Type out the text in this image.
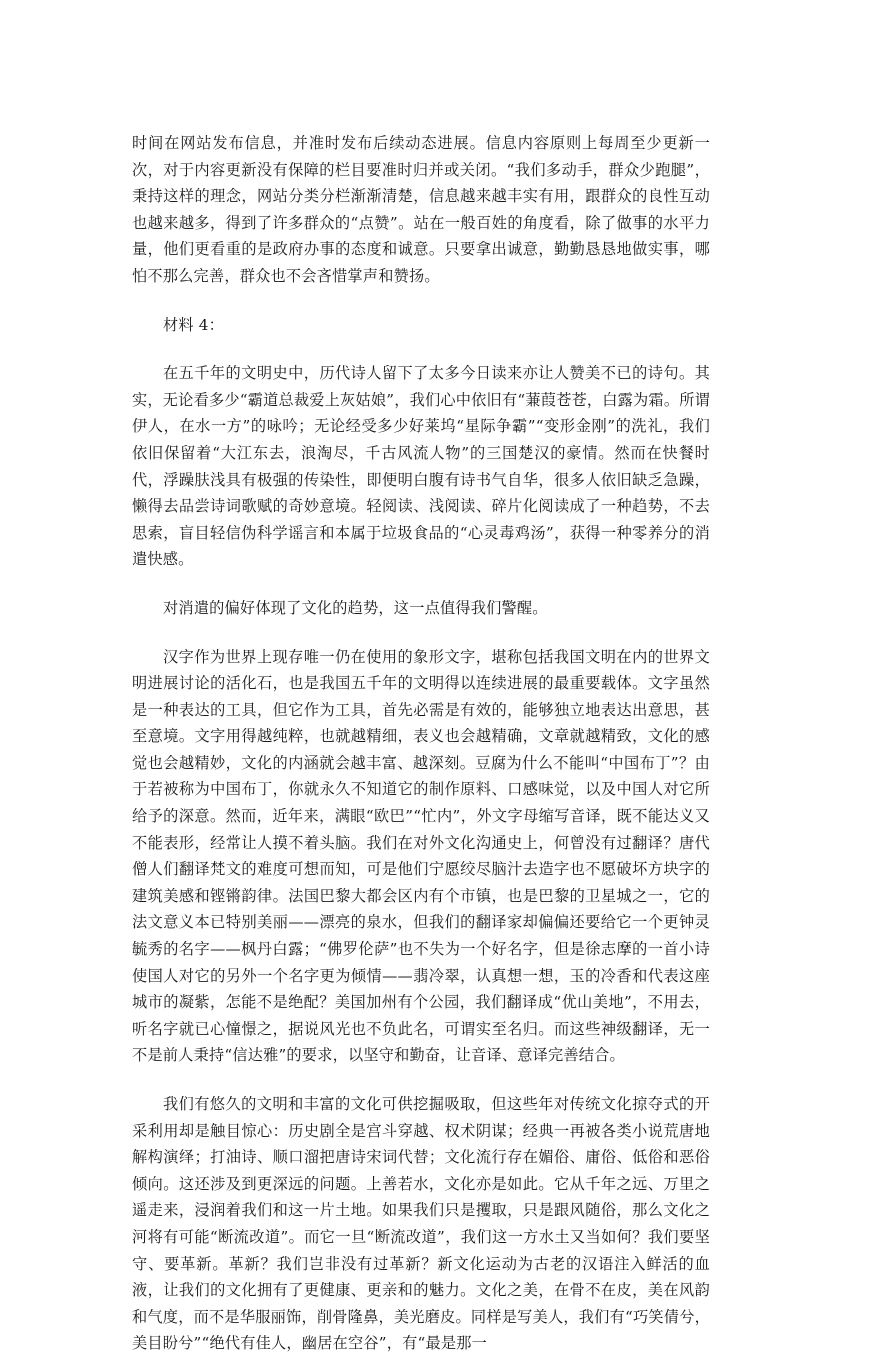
时间在网站发布信息，并准时发布后续动态进展。信息内容原则上每周至少更新一次，对于内容更新没有保障的栏目要准时归并或关闭。“我们多动手，群众少跑腿”，秉持这样的理念，网站分类分栏渐渐清楚，信息越来越丰实有用，跟群众的良性互动也越来越多，得到了许多群众的“点赞”。站在一般百姓的角度看，除了做事的水平力量，他们更看重的是政府办事的态度和诚意。只要拿出诚意，勤勤恳恳地做实事，哪怕不那么完善，群众也不会吝惜掌声和赞扬。

材料 4：

在五千年的文明史中，历代诗人留下了太多今日读来亦让人赞美不已的诗句。其实，无论看多少“霸道总裁爱上灰姑娘”，我们心中依旧有“蒹葭苍苍，白露为霜。所谓伊人，在水一方”的咏吟；无论经受多少好莱坞“星际争霸”“变形金刚”的洗礼，我们依旧保留着“大江东去，浪淘尽，千古风流人物”的三国楚汉的豪情。然而在快餐时代，浮躁肤浅具有极强的传染性，即便明白腹有诗书气自华，很多人依旧缺乏急躁，懒得去品尝诗词歌赋的奇妙意境。轻阅读、浅阅读、碎片化阅读成了一种趋势，不去思索，盲目轻信伪科学谣言和本属于垃圾食品的“心灵毒鸡汤”，获得一种零养分的消遣快感。

对消遣的偏好体现了文化的趋势，这一点值得我们警醒。

汉字作为世界上现存唯一仍在使用的象形文字，堪称包括我国文明在内的世界文明进展讨论的活化石，也是我国五千年的文明得以连续进展的最重要载体。文字虽然是一种表达的工具，但它作为工具，首先必需是有效的，能够独立地表达出意思，甚至意境。文字用得越纯粹，也就越精细，表义也会越精确，文章就越精致，文化的感觉也会越精妙，文化的内涵就会越丰富、越深刻。豆腐为什么不能叫“中国布丁”？由于若被称为中国布丁，你就永久不知道它的制作原料、口感味觉，以及中国人对它所给予的深意。然而，近年来，满眼“欧巴”“忙内”，外文字母缩写音译，既不能达义又不能表形，经常让人摸不着头脑。我们在对外文化沟通史上，何曾没有过翻译？唐代僧人们翻译梵文的难度可想而知，可是他们宁愿绞尽脑汁去造字也不愿破坏方块字的建筑美感和铿锵韵律。法国巴黎大都会区内有个市镇，也是巴黎的卫星城之一，它的法文意义本已特别美丽——漂亮的泉水，但我们的翻译家却偏偏还要给它一个更钟灵毓秀的名字——枫丹白露；“佛罗伦萨”也不失为一个好名字，但是徐志摩的一首小诗使国人对它的另外一个名字更为倾情——翡冷翠，认真想一想，玉的冷香和代表这座城市的凝紫，怎能不是绝配？美国加州有个公园，我们翻译成“优山美地”，不用去，听名字就已心憧憬之，据说风光也不负此名，可谓实至名归。而这些神级翻译，无一不是前人秉持“信达雅”的要求，以坚守和勤奋，让音译、意译完善结合。

我们有悠久的文明和丰富的文化可供挖掘吸取，但这些年对传统文化掠夺式的开采利用却是触目惊心：历史剧全是宫斗穿越、权术阴谋；经典一再被各类小说荒唐地解构演绎；打油诗、顺口溜把唐诗宋词代替；文化流行存在媚俗、庸俗、低俗和恶俗倾向。这还涉及到更深远的问题。上善若水，文化亦是如此。它从千年之远、万里之遥走来，浸润着我们和这一片土地。如果我们只是攫取，只是跟风随俗，那么文化之河将有可能“断流改道”。而它一旦“断流改道”，我们这一方水土又当如何？我们要坚守、要革新。革新？我们岂非没有过革新？新文化运动为古老的汉语注入鲜活的血液，让我们的文化拥有了更健康、更亲和的魅力。文化之美，在骨不在皮，美在风韵和气度，而不是华服丽饰，削骨隆鼻，美光磨皮。同样是写美人，我们有“巧笑倩兮，美目盼兮”“绝代有佳人，幽居在空谷”，有“最是那一
